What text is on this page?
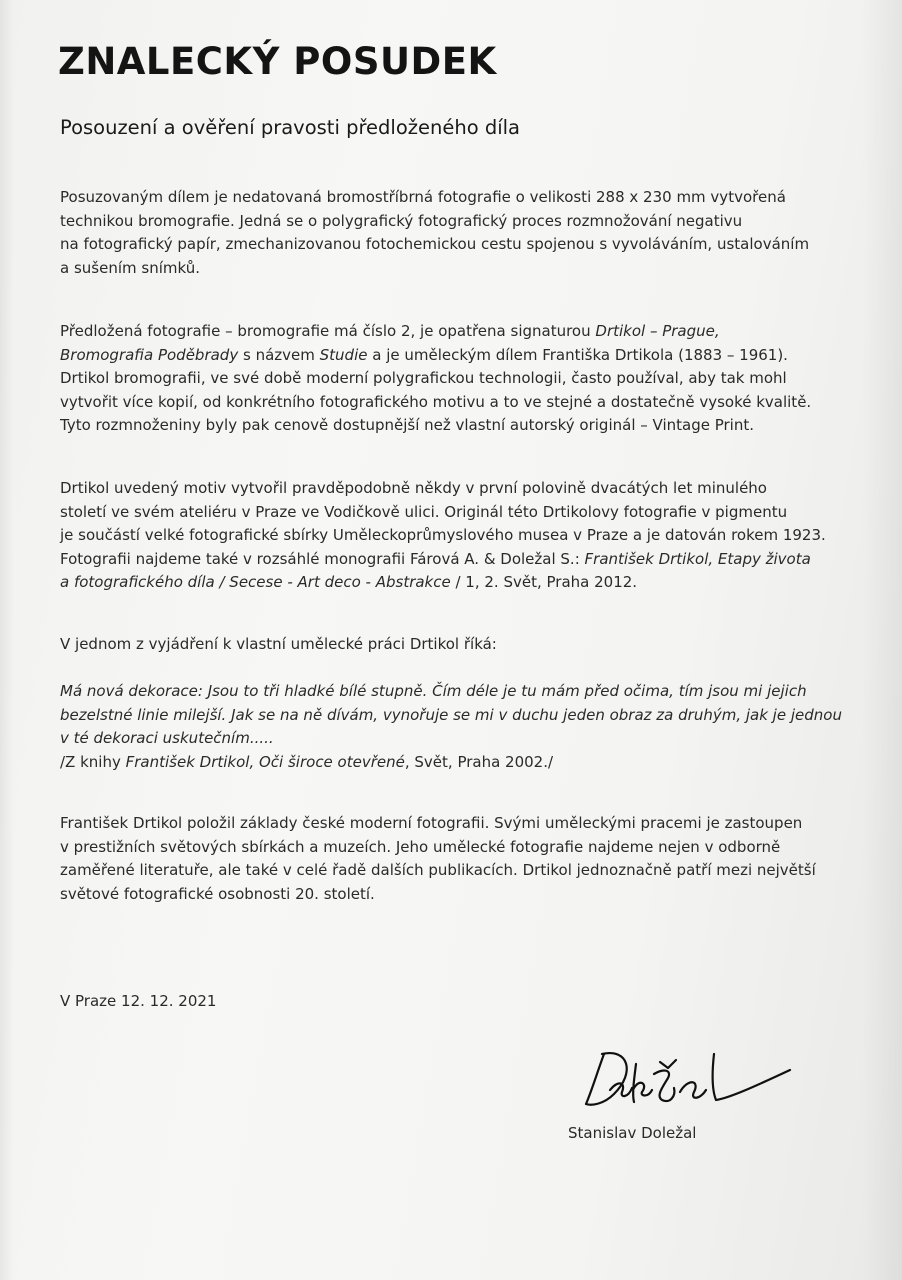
ZNALECKÝ POSUDEK
Posouzení a ověření pravosti předloženého díla

Posuzovaným dílem je nedatovaná bromostříbrná fotografie o velikosti 288 x 230 mm vytvořená
technikou bromografie. Jedná se o polygrafický fotografický proces rozmnožování negativu
na fotografický papír, zmechanizovanou fotochemickou cestu spojenou s vyvoláváním, ustalováním
a sušením snímků.

Předložená fotografie – bromografie má číslo 2, je opatřena signaturou Drtikol – Prague,
Bromografia Poděbrady s názvem Studie a je uměleckým dílem Františka Drtikola (1883 – 1961).
Drtikol bromografii, ve své době moderní polygrafickou technologii, často používal, aby tak mohl
vytvořit více kopií, od konkrétního fotografického motivu a to ve stejné a dostatečně vysoké kvalitě.
Tyto rozmnoženiny byly pak cenově dostupnější než vlastní autorský originál – Vintage Print.

Drtikol uvedený motiv vytvořil pravděpodobně někdy v první polovině dvacátých let minulého
století ve svém ateliéru v Praze ve Vodičkově ulici. Originál této Drtikolovy fotografie v pigmentu
je součástí velké fotografické sbírky Uměleckoprůmyslového musea v Praze a je datován rokem 1923.
Fotografii najdeme také v rozsáhlé monografii Fárová A. & Doležal S.: František Drtikol, Etapy života
a fotografického díla / Secese - Art deco - Abstrakce / 1, 2. Svět, Praha 2012.

V jednom z vyjádření k vlastní umělecké práci Drtikol říká:

Má nová dekorace: Jsou to tři hladké bílé stupně. Čím déle je tu mám před očima, tím jsou mi jejich
bezelstné linie milejší. Jak se na ně dívám, vynořuje se mi v duchu jeden obraz za druhým, jak je jednou
v té dekoraci uskutečním.....
/Z knihy František Drtikol, Oči široce otevřené, Svět, Praha 2002./

František Drtikol položil základy české moderní fotografii. Svými uměleckými pracemi je zastoupen
v prestižních světových sbírkách a muzeích. Jeho umělecké fotografie najdeme nejen v odborně
zaměřené literatuře, ale také v celé řadě dalších publikacích. Drtikol jednoznačně patří mezi největší
světové fotografické osobnosti 20. století.

V Praze 12. 12. 2021

Stanislav Doležal
